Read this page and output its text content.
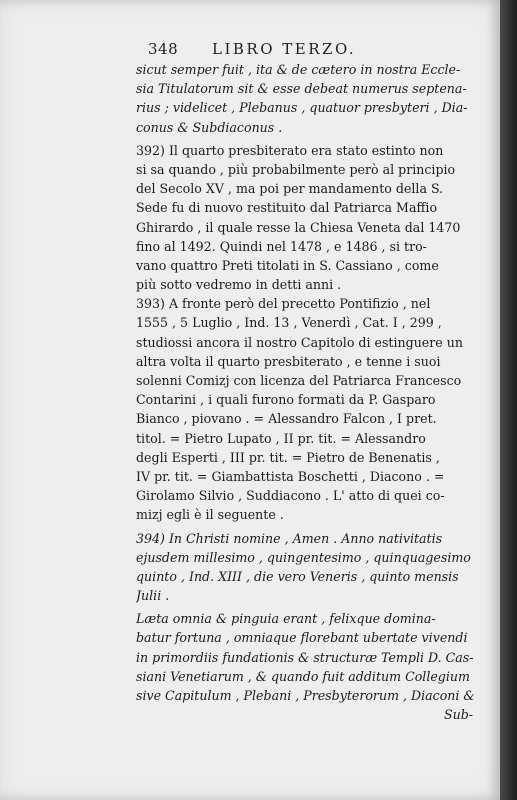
348 LIBRO TERZO.
sicut semper fuit , ita & de cætero in nostra Eccle-
sia Titulatorum sit & esse debeat numerus septena-
rius ; videlicet , Plebanus , quatuor presbyteri , Dia-
conus & Subdiaconus .
392) Il quarto presbiterato era stato estinto non
si sa quando , più probabilmente però al principio
del Secolo XV , ma poi per mandamento della S.
Sede fu di nuovo restituito dal Patriarca Maffio
Ghirardo , il quale resse la Chiesa Veneta dal 1470
fino al 1492. Quindi nel 1478 , e 1486 , si tro-
vano quattro Preti titolati in S. Cassiano , come
più sotto vedremo in detti anni .
393) A fronte però del precetto Pontifizio , nel
1555 , 5 Luglio , Ind. 13 , Venerdì , Cat. I , 299 ,
studiossi ancora il nostro Capitolo di estinguere un
altra volta il quarto presbiterato , e tenne i suoi
solenni Comizj con licenza del Patriarca Francesco
Contarini , i quali furono formati da P. Gasparo
Bianco , piovano . = Alessandro Falcon , I pret.
titol. = Pietro Lupato , II pr. tit. = Alessandro
degli Esperti , III pr. tit. = Pietro de Benenatis ,
IV pr. tit. = Giambattista Boschetti , Diacono . =
Girolamo Silvio , Suddiacono . L' atto di quei co-
mizj egli è il seguente .
394) In Christi nomine , Amen . Anno nativitatis
ejusdem millesimo , quingentesimo , quinquagesimo
quinto , Ind. XIII , die vero Veneris , quinto mensis
Julii .
Læta omnia & pinguia erant , felixque domina-
batur fortuna , omniaque florebant ubertate vivendi
in primordiis fundationis & structuræ Templi D. Cas-
siani Venetiarum , & quando fuit additum Collegium
sive Capitulum , Plebani , Presbyterorum , Diaconi &
Sub-
